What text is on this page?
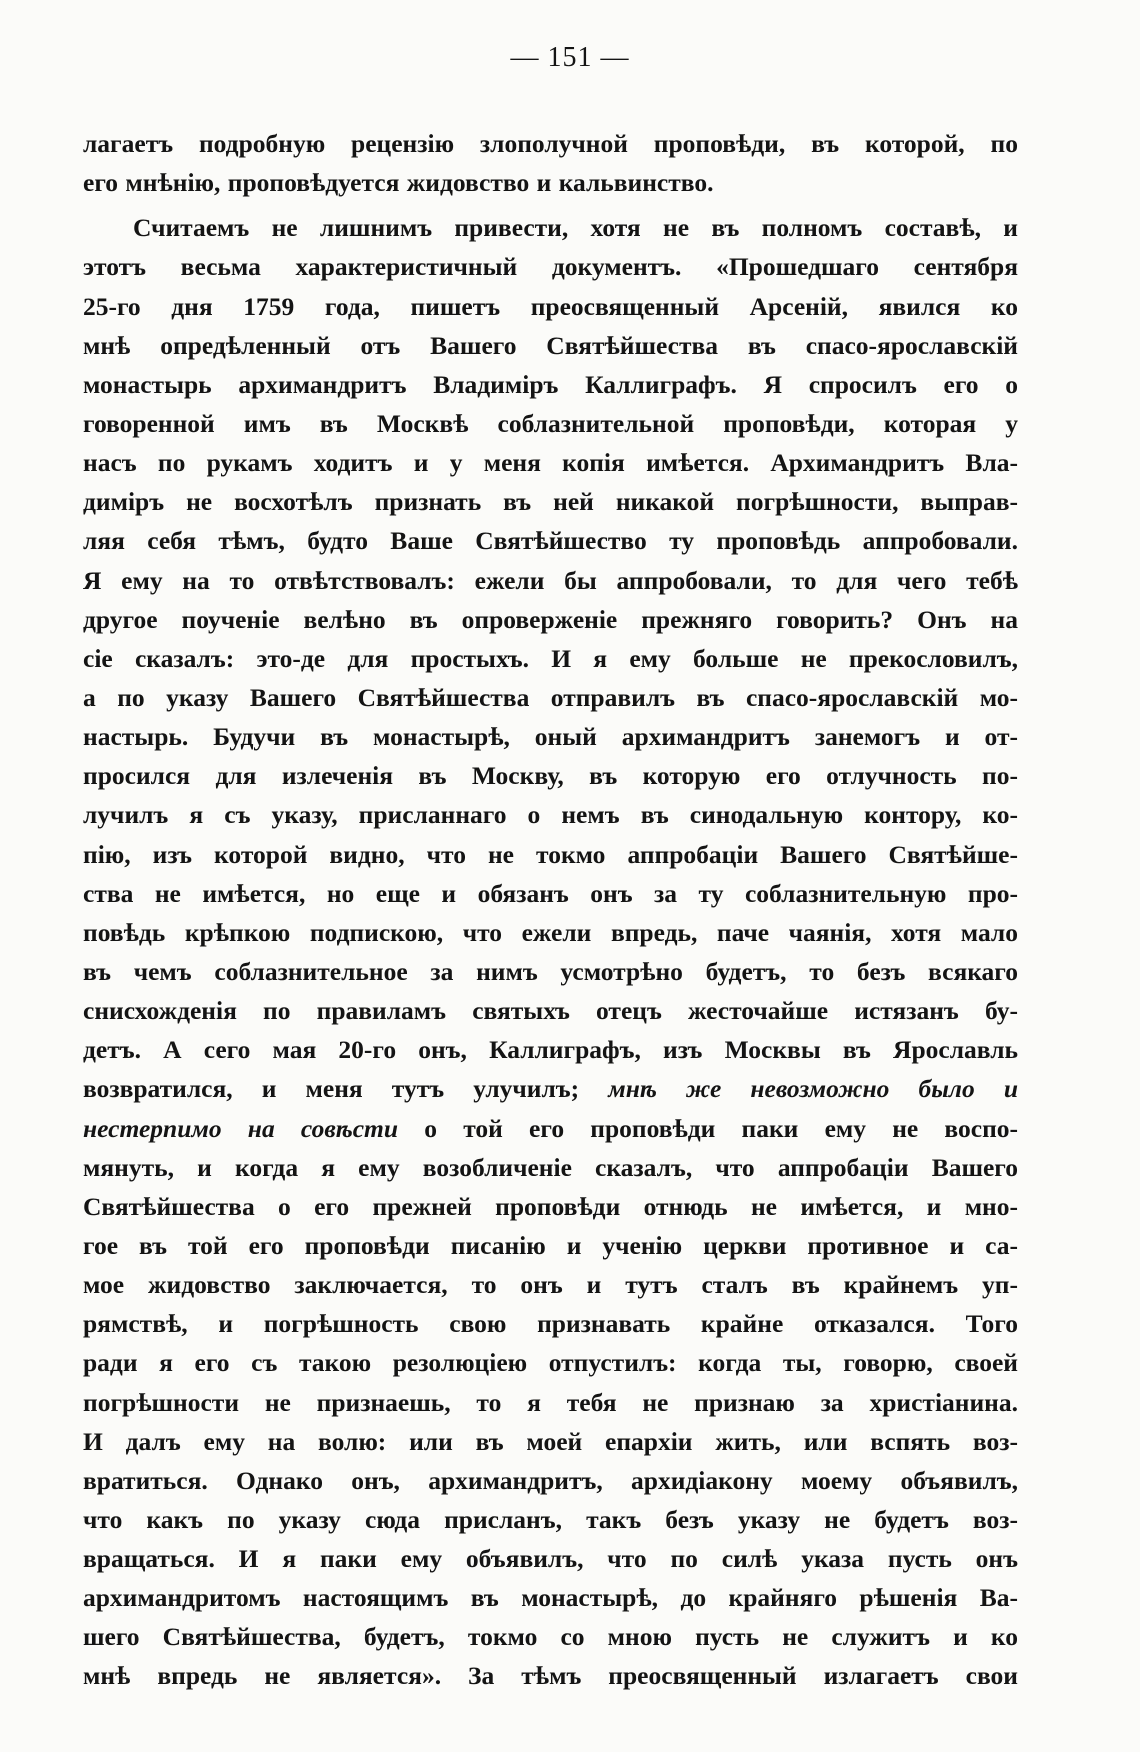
— 151 —
лагаетъ подробную рецензію злополучной проповѣди, въ которой, по
его мнѣнію, проповѣдуется жидовство и кальвинство.
Считаемъ не лишнимъ привести, хотя не въ полномъ составѣ, и
этотъ весьма характеристичный документъ. «Прошедшаго сентября
25-го дня 1759 года, пишетъ преосвященный Арсеній, явился ко
мнѣ опредѣленный отъ Вашего Святѣйшества въ спасо-ярославскій
монастырь архимандритъ Владиміръ Каллиграфъ. Я спросилъ его о
говоренной имъ въ Москвѣ соблазнительной проповѣди, которая у
насъ по рукамъ ходитъ и у меня копія имѣется. Архимандритъ Вла-
диміръ не восхотѣлъ признать въ ней никакой погрѣшности, выправ-
ляя себя тѣмъ, будто Ваше Святѣйшество ту проповѣдь аппробовали.
Я ему на то отвѣтствовалъ: ежели бы аппробовали, то для чего тебѣ
другое поученіе велѣно въ опроверженіе прежняго говорить? Онъ на
сіе сказалъ: это-де для простыхъ. И я ему больше не прекословилъ,
а по указу Вашего Святѣйшества отправилъ въ спасо-ярославскій мо-
настырь. Будучи въ монастырѣ, оный архимандритъ занемогъ и от-
просился для излеченія въ Москву, въ которую его отлучность по-
лучилъ я съ указу, присланнаго о немъ въ синодальную контору, ко-
пію, изъ которой видно, что не токмо аппробаціи Вашего Святѣйше-
ства не имѣется, но еще и обязанъ онъ за ту соблазнительную про-
повѣдь крѣпкою подпискою, что ежели впредь, паче чаянія, хотя мало
въ чемъ соблазнительное за нимъ усмотрѣно будетъ, то безъ всякаго
снисхожденія по правиламъ святыхъ отецъ жесточайше истязанъ бу-
детъ. А сего мая 20-го онъ, Каллиграфъ, изъ Москвы въ Ярославль
возвратился, и меня тутъ улучилъ; мнѣ же невозможно было и
нестерпимо на совѣсти о той его проповѣди паки ему не воспо-
мянуть, и когда я ему возобличеніе сказалъ, что аппробаціи Вашего
Святѣйшества о его прежней проповѣди отнюдь не имѣется, и мно-
гое въ той его проповѣди писанію и ученію церкви противное и са-
мое жидовство заключается, то онъ и тутъ сталъ въ крайнемъ уп-
рямствѣ, и погрѣшность свою признавать крайне отказался. Того
ради я его съ такою резолюціею отпустилъ: когда ты, говорю, своей
погрѣшности не признаешь, то я тебя не признаю за христіанина.
И далъ ему на волю: или въ моей епархіи жить, или вспять воз-
вратиться. Однако онъ, архимандритъ, архидіакону моему объявилъ,
что какъ по указу сюда присланъ, такъ безъ указу не будетъ воз-
вращаться. И я паки ему объявилъ, что по силѣ указа пусть онъ
архимандритомъ настоящимъ въ монастырѣ, до крайняго рѣшенія Ва-
шего Святѣйшества, будетъ, токмо со мною пусть не служитъ и ко
мнѣ впредь не является». За тѣмъ преосвященный излагаетъ свои
